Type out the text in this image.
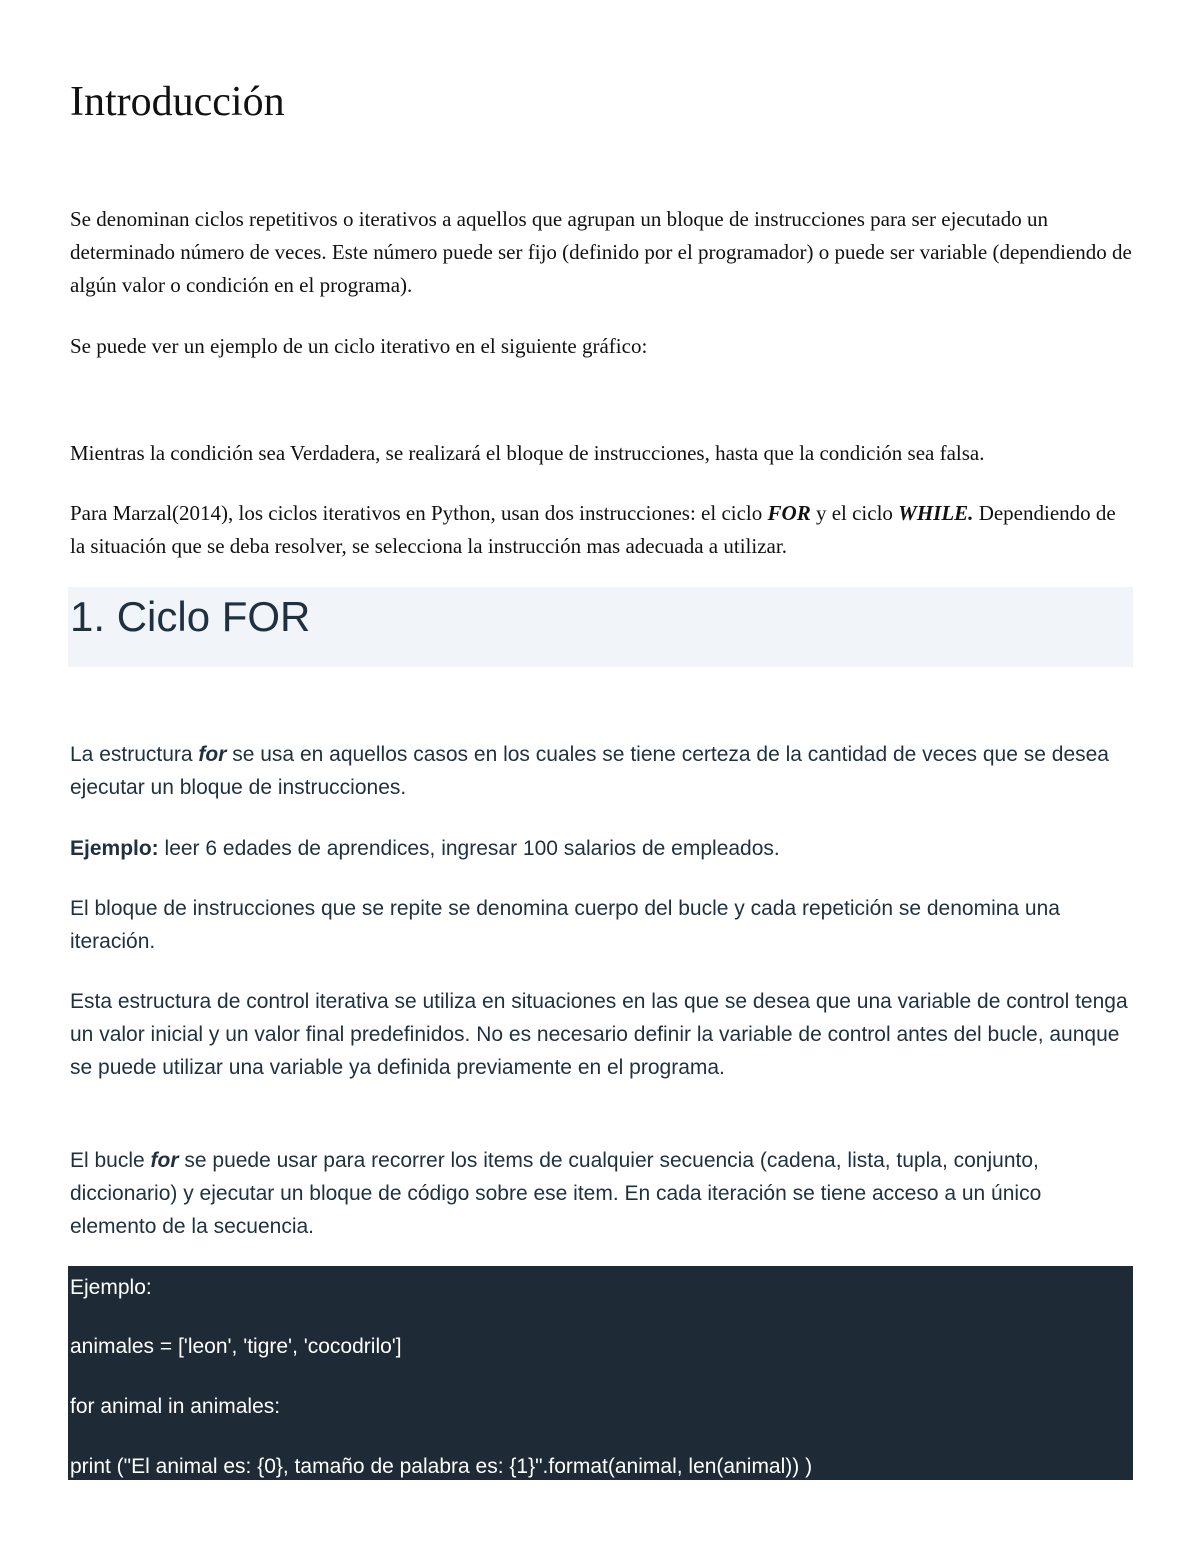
Introducción

Se denominan ciclos repetitivos o iterativos a aquellos que agrupan un bloque de instrucciones para ser ejecutado un determinado número de veces. Este número puede ser fijo (definido por el programador) o puede ser variable (dependiendo de algún valor o condición en el programa).

Se puede ver un ejemplo de un ciclo iterativo en el siguiente gráfico:

Mientras la condición sea Verdadera, se realizará el bloque de instrucciones, hasta que la condición sea falsa.

Para Marzal(2014), los ciclos iterativos en Python, usan dos instrucciones: el ciclo FOR y el ciclo WHILE. Dependiendo de la situación que se deba resolver, se selecciona la instrucción mas adecuada a utilizar.

1. Ciclo FOR

La estructura for se usa en aquellos casos en los cuales se tiene certeza de la cantidad de veces que se desea ejecutar un bloque de instrucciones.

Ejemplo: leer 6 edades de aprendices, ingresar 100 salarios de empleados.

El bloque de instrucciones que se repite se denomina cuerpo del bucle y cada repetición se denomina una iteración.

Esta estructura de control iterativa se utiliza en situaciones en las que se desea que una variable de control tenga un valor inicial y un valor final predefinidos. No es necesario definir la variable de control antes del bucle, aunque se puede utilizar una variable ya definida previamente en el programa.

El bucle for se puede usar para recorrer los items de cualquier secuencia (cadena, lista, tupla, conjunto, diccionario) y ejecutar un bloque de código sobre ese item. En cada iteración se tiene acceso a un único elemento de la secuencia.

Ejemplo:

animales = ['leon', 'tigre', 'cocodrilo']

for animal in animales:

print ("El animal es: {0}, tamaño de palabra es: {1}".format(animal, len(animal)) )
